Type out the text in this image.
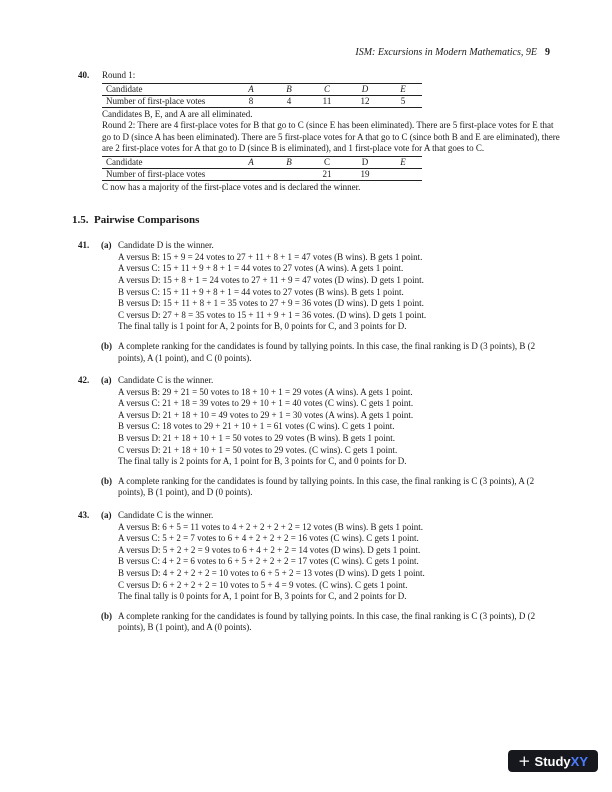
ISM: Excursions in Modern Mathematics, 9E 9
40. Round 1:
Candidate	A	B	C	D	E
Number of first-place votes	8	4	11	12	5
Candidates B, E, and A are all eliminated.
Round 2: There are 4 first-place votes for B that go to C (since E has been eliminated). There are 5 first-place votes for E that go to D (since A has been eliminated). There are 5 first-place votes for A that go to C (since both B and E are eliminated), there are 2 first-place votes for A that go to D (since B is eliminated), and 1 first-place vote for A that goes to C.
Candidate	A	B	C	D	E
Number of first-place votes			21	19	
C now has a majority of the first-place votes and is declared the winner.
1.5.  Pairwise Comparisons
41. (a) Candidate D is the winner.
A versus B: 15 + 9 = 24 votes to 27 + 11 + 8 + 1 = 47 votes (B wins). B gets 1 point.
A versus C: 15 + 11 + 9 + 8 + 1 = 44 votes to 27 votes (A wins). A gets 1 point.
A versus D: 15 + 8 + 1 = 24 votes to 27 + 11 + 9 = 47 votes (D wins). D gets 1 point.
B versus C: 15 + 11 + 9 + 8 + 1 = 44 votes to 27 votes (B wins). B gets 1 point.
B versus D: 15 + 11 + 8 + 1 = 35 votes to 27 + 9 = 36 votes (D wins). D gets 1 point.
C versus D: 27 + 8 = 35 votes to 15 + 11 + 9 + 1 = 36 votes. (D wins). D gets 1 point.
The final tally is 1 point for A, 2 points for B, 0 points for C, and 3 points for D.
(b) A complete ranking for the candidates is found by tallying points. In this case, the final ranking is D (3 points), B (2 points), A (1 point), and C (0 points).
42. (a) Candidate C is the winner.
A versus B: 29 + 21 = 50 votes to 18 + 10 + 1 = 29 votes (A wins). A gets 1 point.
A versus C: 21 + 18 = 39 votes to 29 + 10 + 1 = 40 votes (C wins). C gets 1 point.
A versus D: 21 + 18 + 10 = 49 votes to 29 + 1 = 30 votes (A wins). A gets 1 point.
B versus C: 18 votes to 29 + 21 + 10 + 1 = 61 votes (C wins). C gets 1 point.
B versus D: 21 + 18 + 10 + 1 = 50 votes to 29 votes (B wins). B gets 1 point.
C versus D: 21 + 18 + 10 + 1 = 50 votes to 29 votes. (C wins). C gets 1 point.
The final tally is 2 points for A, 1 point for B, 3 points for C, and 0 points for D.
(b) A complete ranking for the candidates is found by tallying points. In this case, the final ranking is C (3 points), A (2 points), B (1 point), and D (0 points).
43. (a) Candidate C is the winner.
A versus B: 6 + 5 = 11 votes to 4 + 2 + 2 + 2 + 2 = 12 votes (B wins). B gets 1 point.
A versus C: 5 + 2 = 7 votes to 6 + 4 + 2 + 2 + 2 = 16 votes (C wins). C gets 1 point.
A versus D: 5 + 2 + 2 = 9 votes to 6 + 4 + 2 + 2 = 14 votes (D wins). D gets 1 point.
B versus C: 4 + 2 = 6 votes to 6 + 5 + 2 + 2 + 2 = 17 votes (C wins). C gets 1 point.
B versus D: 4 + 2 + 2 + 2 = 10 votes to 6 + 5 + 2 = 13 votes (D wins). D gets 1 point.
C versus D: 6 + 2 + 2 + 2 = 10 votes to 5 + 4 = 9 votes. (C wins). C gets 1 point.
The final tally is 0 points for A, 1 point for B, 3 points for C, and 2 points for D.
(b) A complete ranking for the candidates is found by tallying points. In this case, the final ranking is C (3 points), D (2 points), B (1 point), and A (0 points).
+ Study XY
